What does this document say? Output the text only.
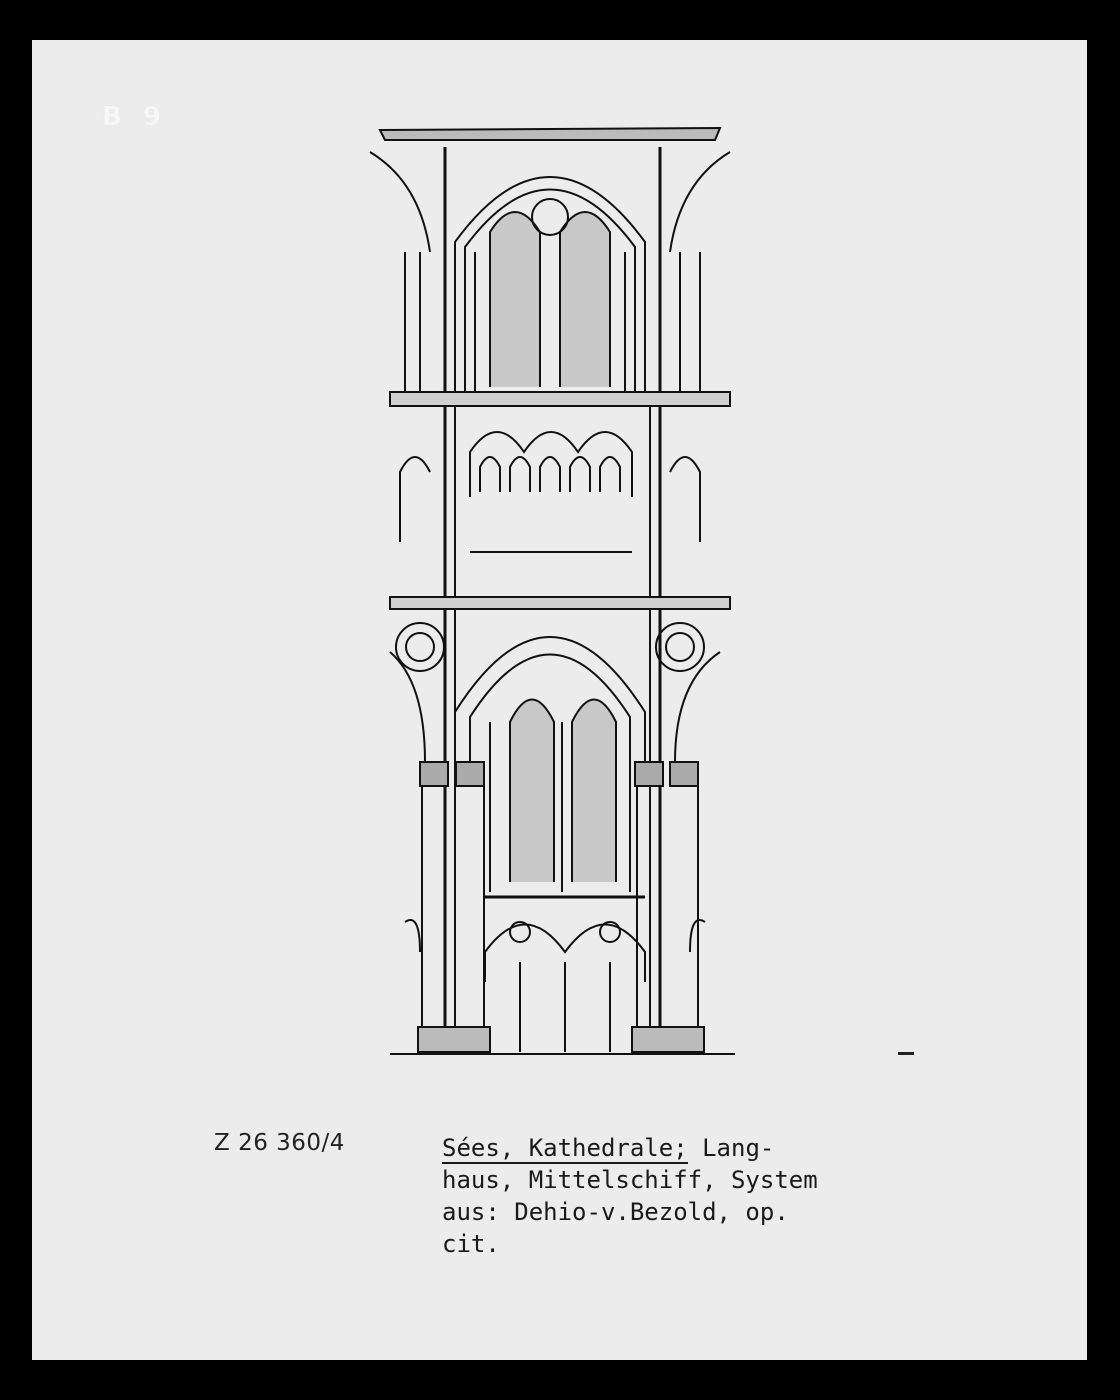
B 9
Z 26 360/4	Sées, Kathedrale; Lang-
haus, Mittelschiff, System
aus: Dehio-v.Bezold, op.
cit.
